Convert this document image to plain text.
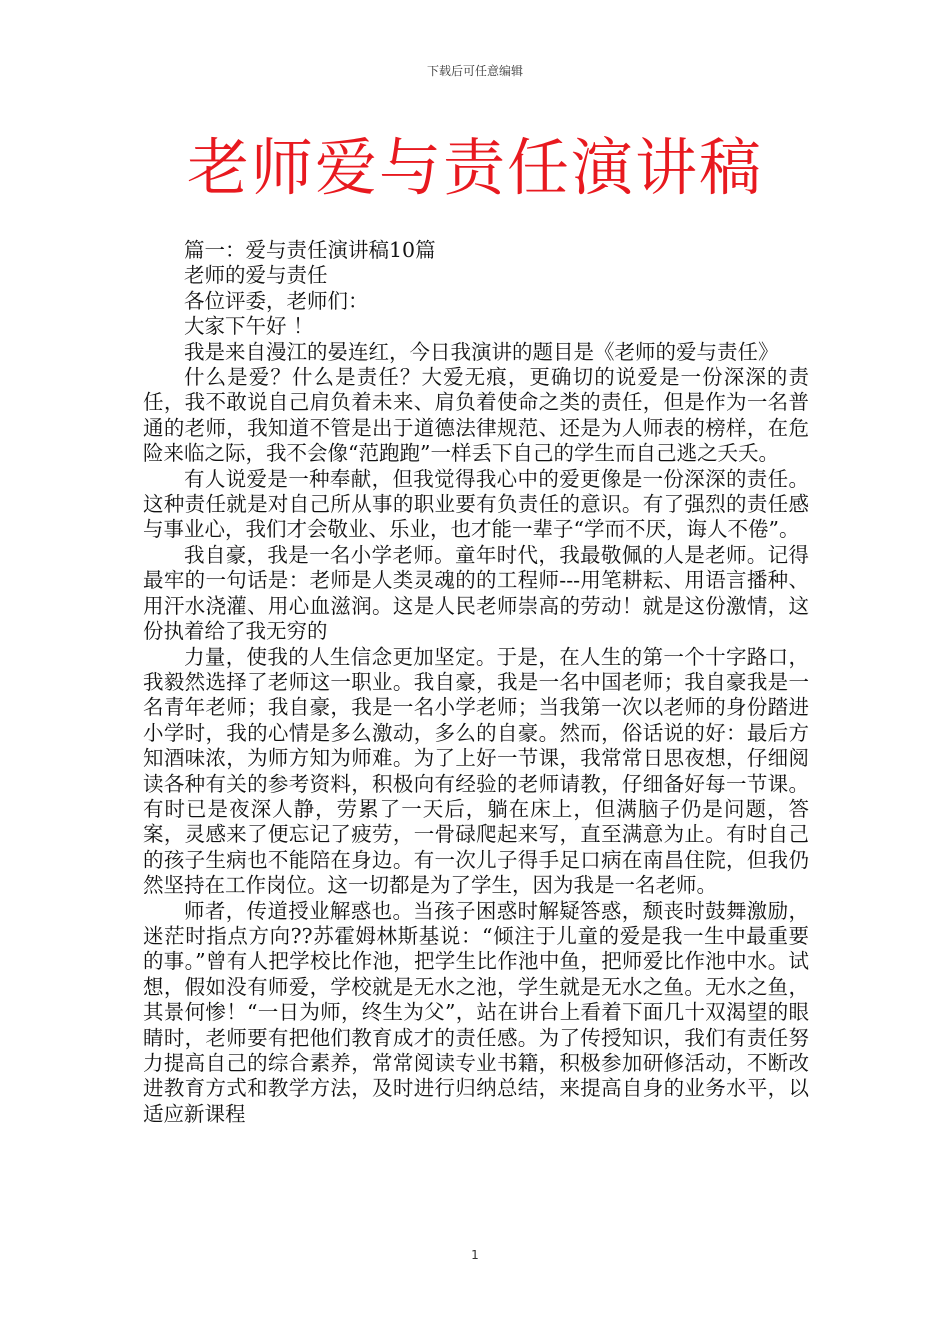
下载后可任意编辑
老师爱与责任演讲稿

篇一：爱与责任演讲稿10篇

老师的爱与责任

各位评委，老师们：

大家下午好 ！

我是来自漫江的晏连红，今日我演讲的题目是《老师的爱与责任》

什么是爱？什么是责任？大爱无痕，更确切的说爱是一份深深的责任，我不敢说自己肩负着未来、肩负着使命之类的责任，但是作为一名普通的老师，我知道不管是出于道德法律规范、还是为人师表的榜样，在危险来临之际，我不会像“范跑跑”一样丢下自己的学生而自己逃之夭夭。

有人说爱是一种奉献，但我觉得我心中的爱更像是一份深深的责任。这种责任就是对自己所从事的职业要有负责任的意识。有了强烈的责任感与事业心，我们才会敬业、乐业，也才能一辈子“学而不厌，诲人不倦”。

我自豪，我是一名小学老师。童年时代，我最敬佩的人是老师。记得最牢的一句话是：老师是人类灵魂的的工程师---用笔耕耘、用语言播种、用汗水浇灌、用心血滋润。这是人民老师崇高的劳动！就是这份激情，这份执着给了我无穷的

力量，使我的人生信念更加坚定。于是，在人生的第一个十字路口，我毅然选择了老师这一职业。我自豪，我是一名中国老师；我自豪我是一名青年老师；我自豪，我是一名小学老师；当我第一次以老师的身份踏进小学时，我的心情是多么激动，多么的自豪。然而，俗话说的好：最后方知酒味浓，为师方知为师难。为了上好一节课，我常常日思夜想，仔细阅读各种有关的参考资料，积极向有经验的老师请教，仔细备好每一节课。有时已是夜深人静，劳累了一天后，躺在床上，但满脑子仍是问题，答案，灵感来了便忘记了疲劳，一骨碌爬起来写，直至满意为止。有时自己的孩子生病也不能陪在身边。有一次儿子得手足口病在南昌住院，但我仍然坚持在工作岗位。这一切都是为了学生，因为我是一名老师。

师者，传道授业解惑也。当孩子困惑时解疑答惑，颓丧时鼓舞激励，迷茫时指点方向??苏霍姆林斯基说：“倾注于儿童的爱是我一生中最重要的事。”曾有人把学校比作池，把学生比作池中鱼，把师爱比作池中水。试想，假如没有师爱，学校就是无水之池，学生就是无水之鱼。无水之鱼，其景何惨！“一日为师，终生为父”，站在讲台上看着下面几十双渴望的眼睛时，老师要有把他们教育成才的责任感。为了传授知识，我们有责任努力提高自己的综合素养，常常阅读专业书籍，积极参加研修活动，不断改进教育方式和教学方法，及时进行归纳总结，来提高自身的业务水平，以适应新课程

1
